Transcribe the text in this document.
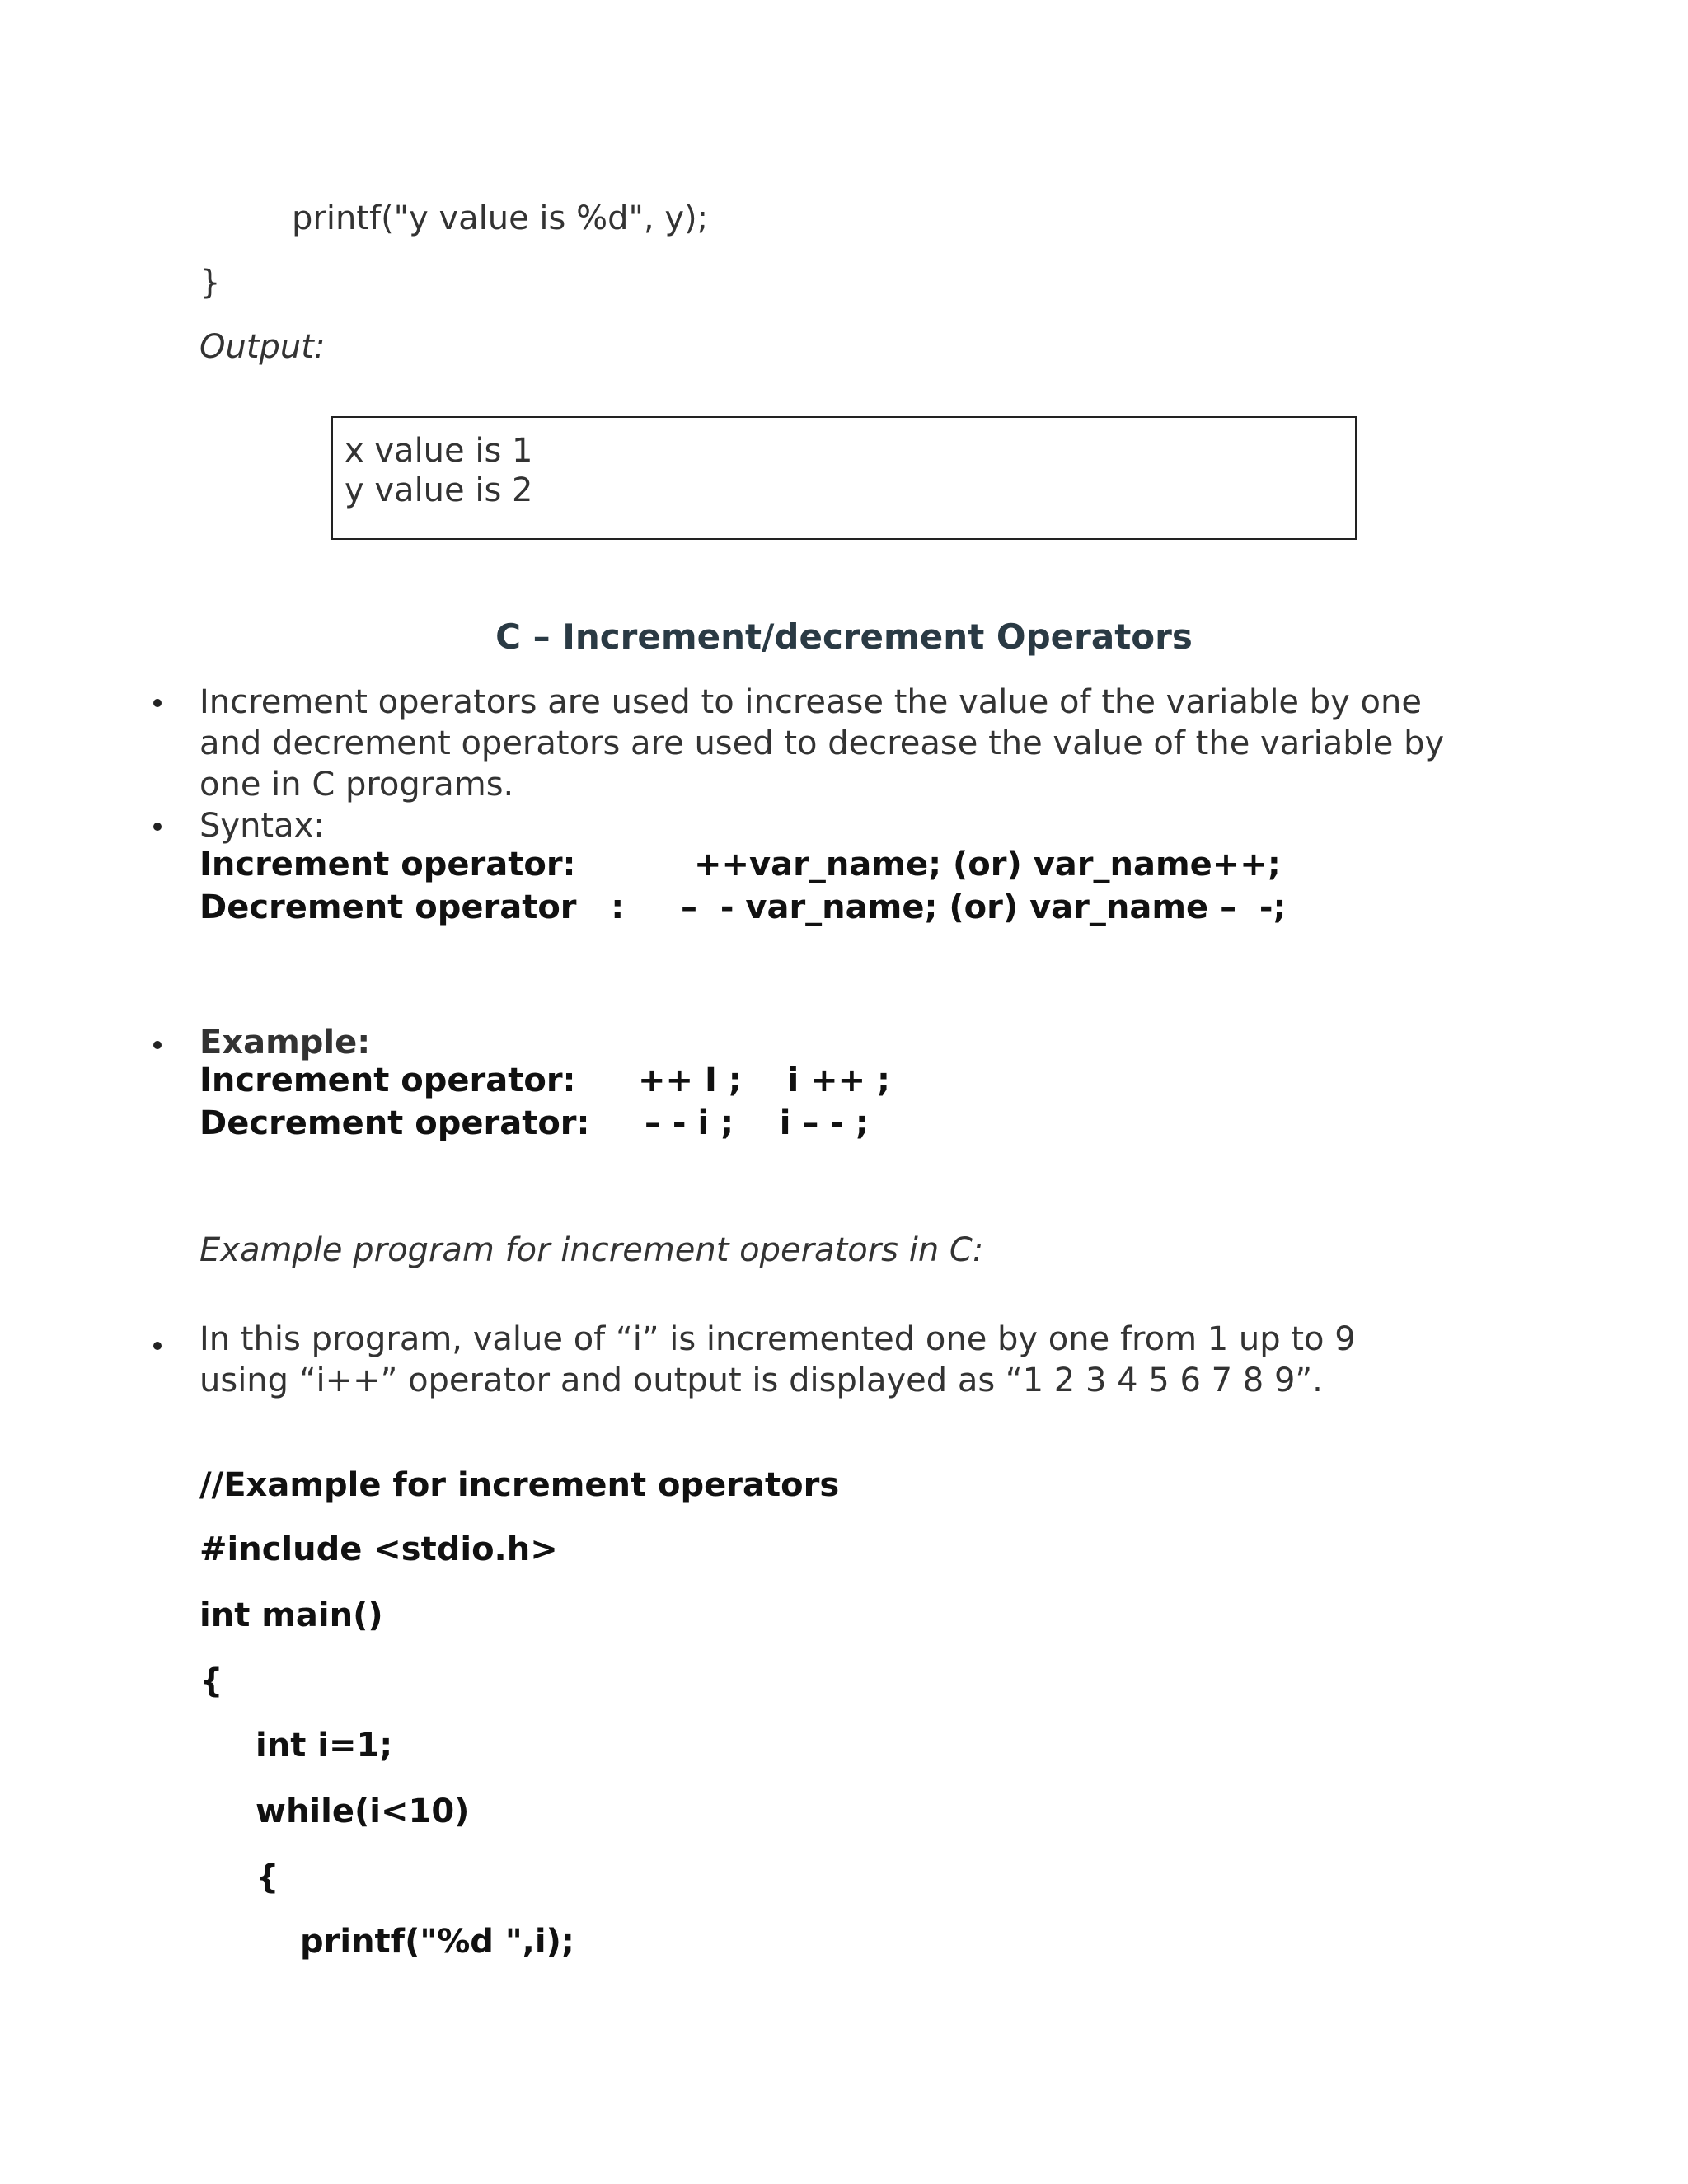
printf("y value is %d", y);
}
Output:
x value is 1
y value is 2
C – Increment/decrement Operators
Increment operators are used to increase the value of the variable by one
and decrement operators are used to decrease the value of the variable by
one in C programs.
Syntax:
Increment operator:	++var_name; (or) var_name++;
Decrement operator   : –  - var_name; (or) var_name –  -;
Example:
Increment operator: ++ I ;    i ++ ;
Decrement operator: – - i ;    i – - ;
Example program for increment operators in C:
In this program, value of “i” is incremented one by one from 1 up to 9
using “i++” operator and output is displayed as “1 2 3 4 5 6 7 8 9”.
//Example for increment operators
#include <stdio.h>
int main()
{
int i=1;
while(i<10)
{
printf("%d ",i);
